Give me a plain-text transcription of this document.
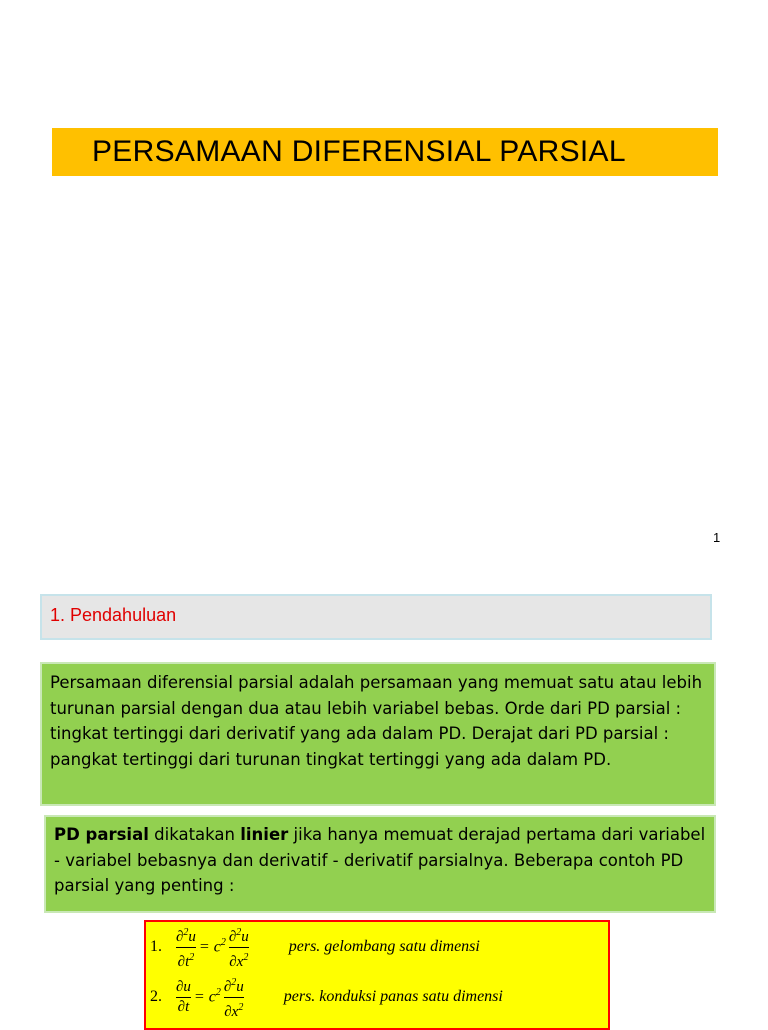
PERSAMAAN DIFERENSIAL PARSIAL
1
1. Pendahuluan

Persamaan diferensial parsial adalah persamaan yang memuat satu atau lebih turunan parsial dengan dua atau lebih variabel bebas. Orde dari PD parsial : tingkat tertinggi dari derivatif yang ada dalam PD. Derajat dari PD parsial : pangkat tertinggi dari turunan tingkat tertinggi yang ada dalam PD.

PD parsial dikatakan linier jika hanya memuat derajad pertama dari variabel - variabel bebasnya dan derivatif - derivatif parsialnya. Beberapa contoh PD parsial yang penting :

1. $\frac{\partial^2u}{\partial t^2} = c^2 \frac{\partial^2u}{\partial x^2}$	pers. gelombang satu dimensi
2. $\frac{\partial u}{\partial t} = c^2 \frac{\partial^2u}{\partial x^2}$	pers. konduksi panas satu dimensi
